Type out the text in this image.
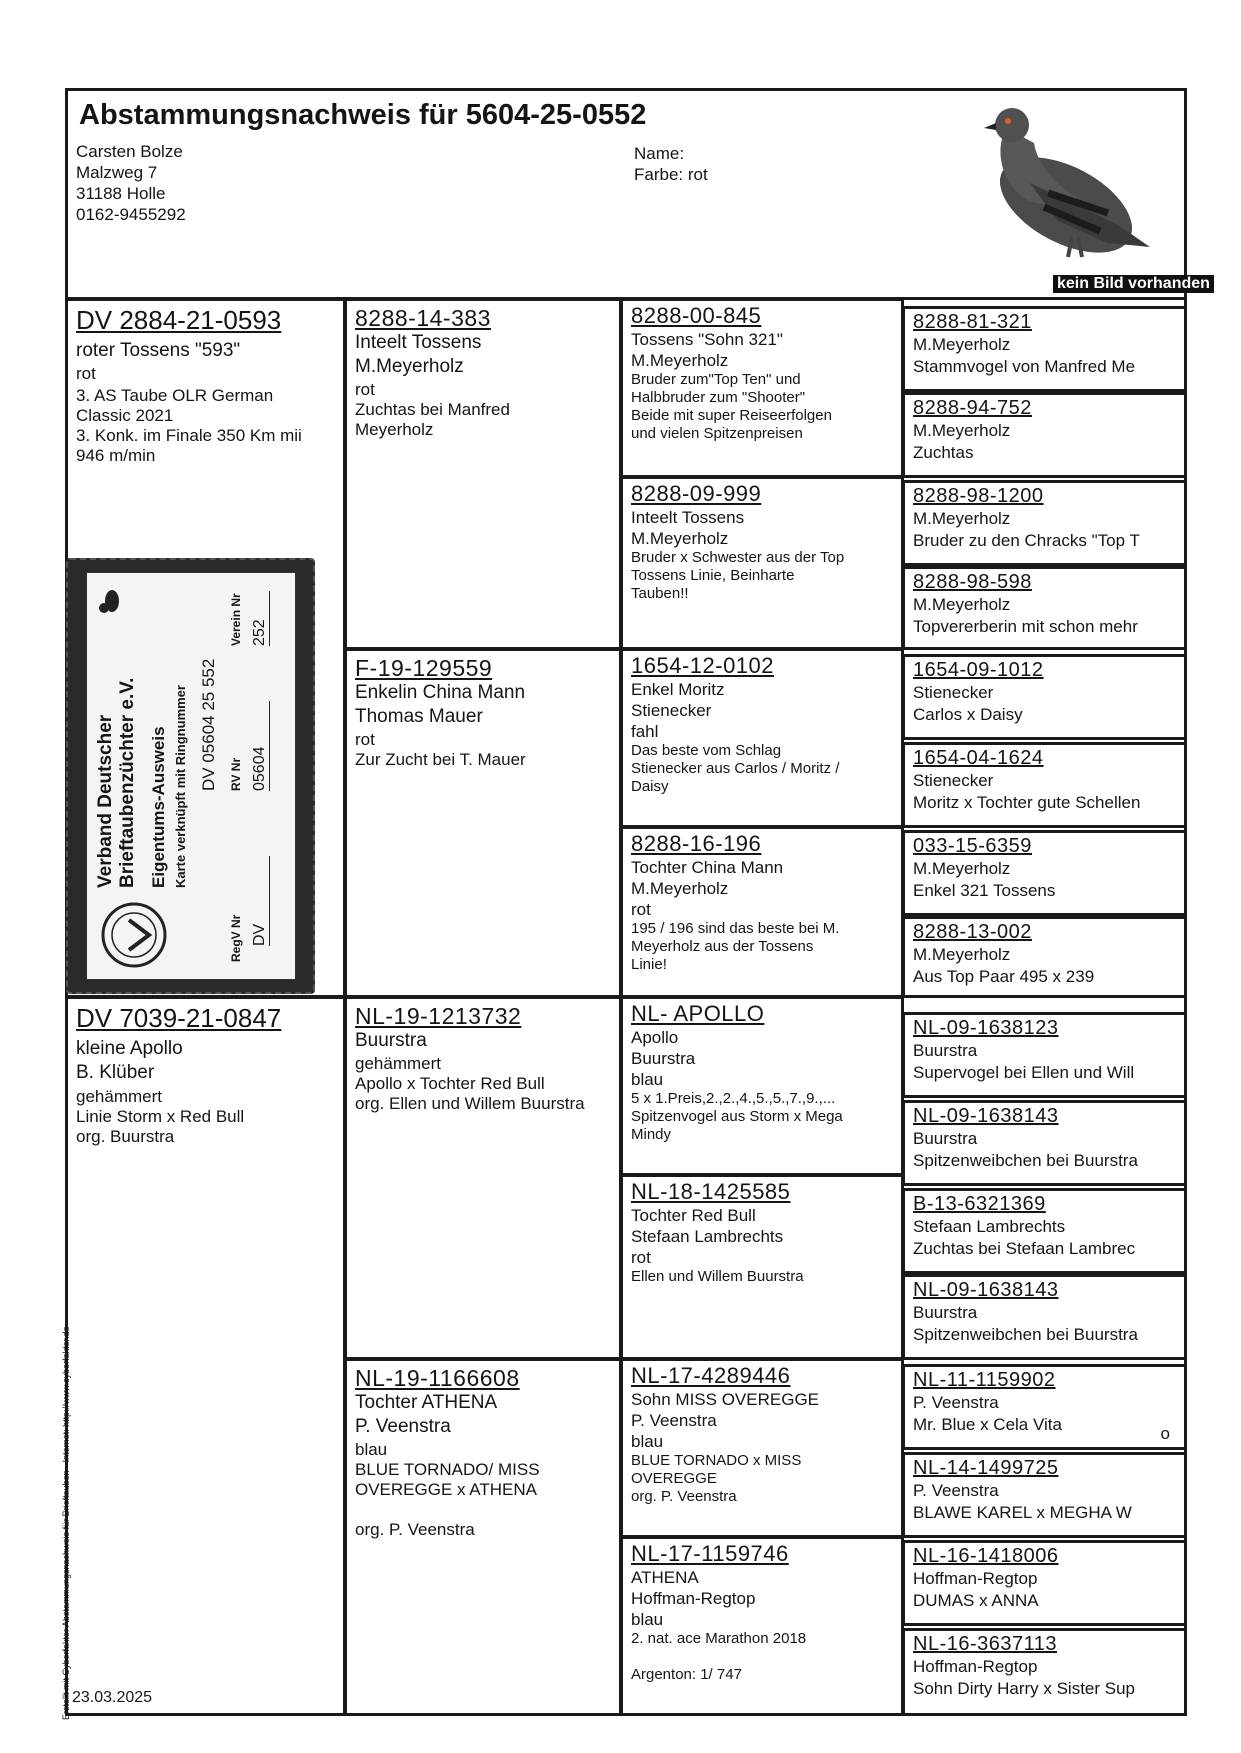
Abstammungsnachweis für 5604-25-0552
Carsten Bolze
Malzweg 7
31188 Holle
0162-9455292
Name:
Farbe: rot
kein Bild vorhanden
DV 2884-21-0593
roter Tossens "593"
rot
3. AS Taube OLR German
Classic 2021
3. Konk. im Finale 350 Km mii
946 m/min
Verband Deutscher Brieftaubenzüchter e.V. Eigentums-Ausweis Karte verknüpft mit Ringnummer DV 05604 25 552
RegV Nr
RV Nr
Verein Nr
DV
05604
252
DV 7039-21-0847
kleine Apollo
B. Klüber
gehämmert
Linie Storm x Red Bull
org. Buurstra
23.03.2025
8288-14-383
Inteelt Tossens
M.Meyerholz
rot
Zuchtas bei Manfred
Meyerholz
F-19-129559
Enkelin China Mann
Thomas Mauer
rot
Zur Zucht bei T. Mauer
NL-19-1213732
Buurstra
gehämmert
Apollo x Tochter Red Bull
org. Ellen und Willem Buurstra
NL-19-1166608
Tochter ATHENA
P. Veenstra
blau
BLUE TORNADO/ MISS
OVEREGGE x ATHENA

org. P. Veenstra
8288-00-845
Tossens "Sohn 321"
M.Meyerholz
Bruder zum"Top Ten" und
Halbbruder zum "Shooter"
Beide mit super Reiseerfolgen
und vielen Spitzenpreisen
8288-09-999
Inteelt Tossens
M.Meyerholz
Bruder x Schwester aus der Top
Tossens Linie, Beinharte
Tauben!!
1654-12-0102
Enkel Moritz
Stienecker
fahl
Das beste vom Schlag
Stienecker aus Carlos / Moritz /
Daisy
8288-16-196
Tochter China Mann
M.Meyerholz
rot
195 / 196 sind das beste bei M.
Meyerholz aus der Tossens
Linie!
NL- APOLLO
Apollo
Buurstra
blau
5 x 1.Preis,2.,2.,4.,5.,5.,7.,9.,...
Spitzenvogel aus Storm x Mega
Mindy
NL-18-1425585
Tochter Red Bull
Stefaan Lambrechts
rot
Ellen und Willem Buurstra
NL-17-4289446
Sohn MISS OVEREGGE
P. Veenstra
blau
BLUE TORNADO x MISS
OVEREGGE
org. P. Veenstra
NL-17-1159746
ATHENA
Hoffman-Regtop
blau
2. nat. ace Marathon 2018

Argenton: 1/ 747
8288-81-321
M.Meyerholz
Stammvogel von Manfred Me
8288-94-752
M.Meyerholz
Zuchtas
8288-98-1200
M.Meyerholz
Bruder zu den Chracks "Top T
8288-98-598
M.Meyerholz
Topvererberin mit schon mehr
1654-09-1012
Stienecker
Carlos x Daisy
1654-04-1624
Stienecker
Moritz x Tochter gute Schellen
033-15-6359
M.Meyerholz
Enkel 321 Tossens
8288-13-002
M.Meyerholz
Aus Top Paar 495 x 239
NL-09-1638123
Buurstra
Supervogel bei Ellen und Will
NL-09-1638143
Buurstra
Spitzenweibchen bei Buurstra
B-13-6321369
Stefaan Lambrechts
Zuchtas bei Stefaan Lambrec
NL-09-1638143
Buurstra
Spitzenweibchen bei Buurstra
NL-11-1159902
P. Veenstra
Mr. Blue x Cela Vita	o
NL-14-1499725
P. Veenstra
BLAWE KAREL x MEGHA W
NL-16-1418006
Hoffman-Regtop
DUMAS x ANNA
NL-16-3637113
Hoffman-Regtop
Sohn Dirty Harry x Sister Sup
Erstellt mit Cyberfaktor Abstammungsnachweis für Brieftauben - Internet: http://www.cyberfaktor.de
